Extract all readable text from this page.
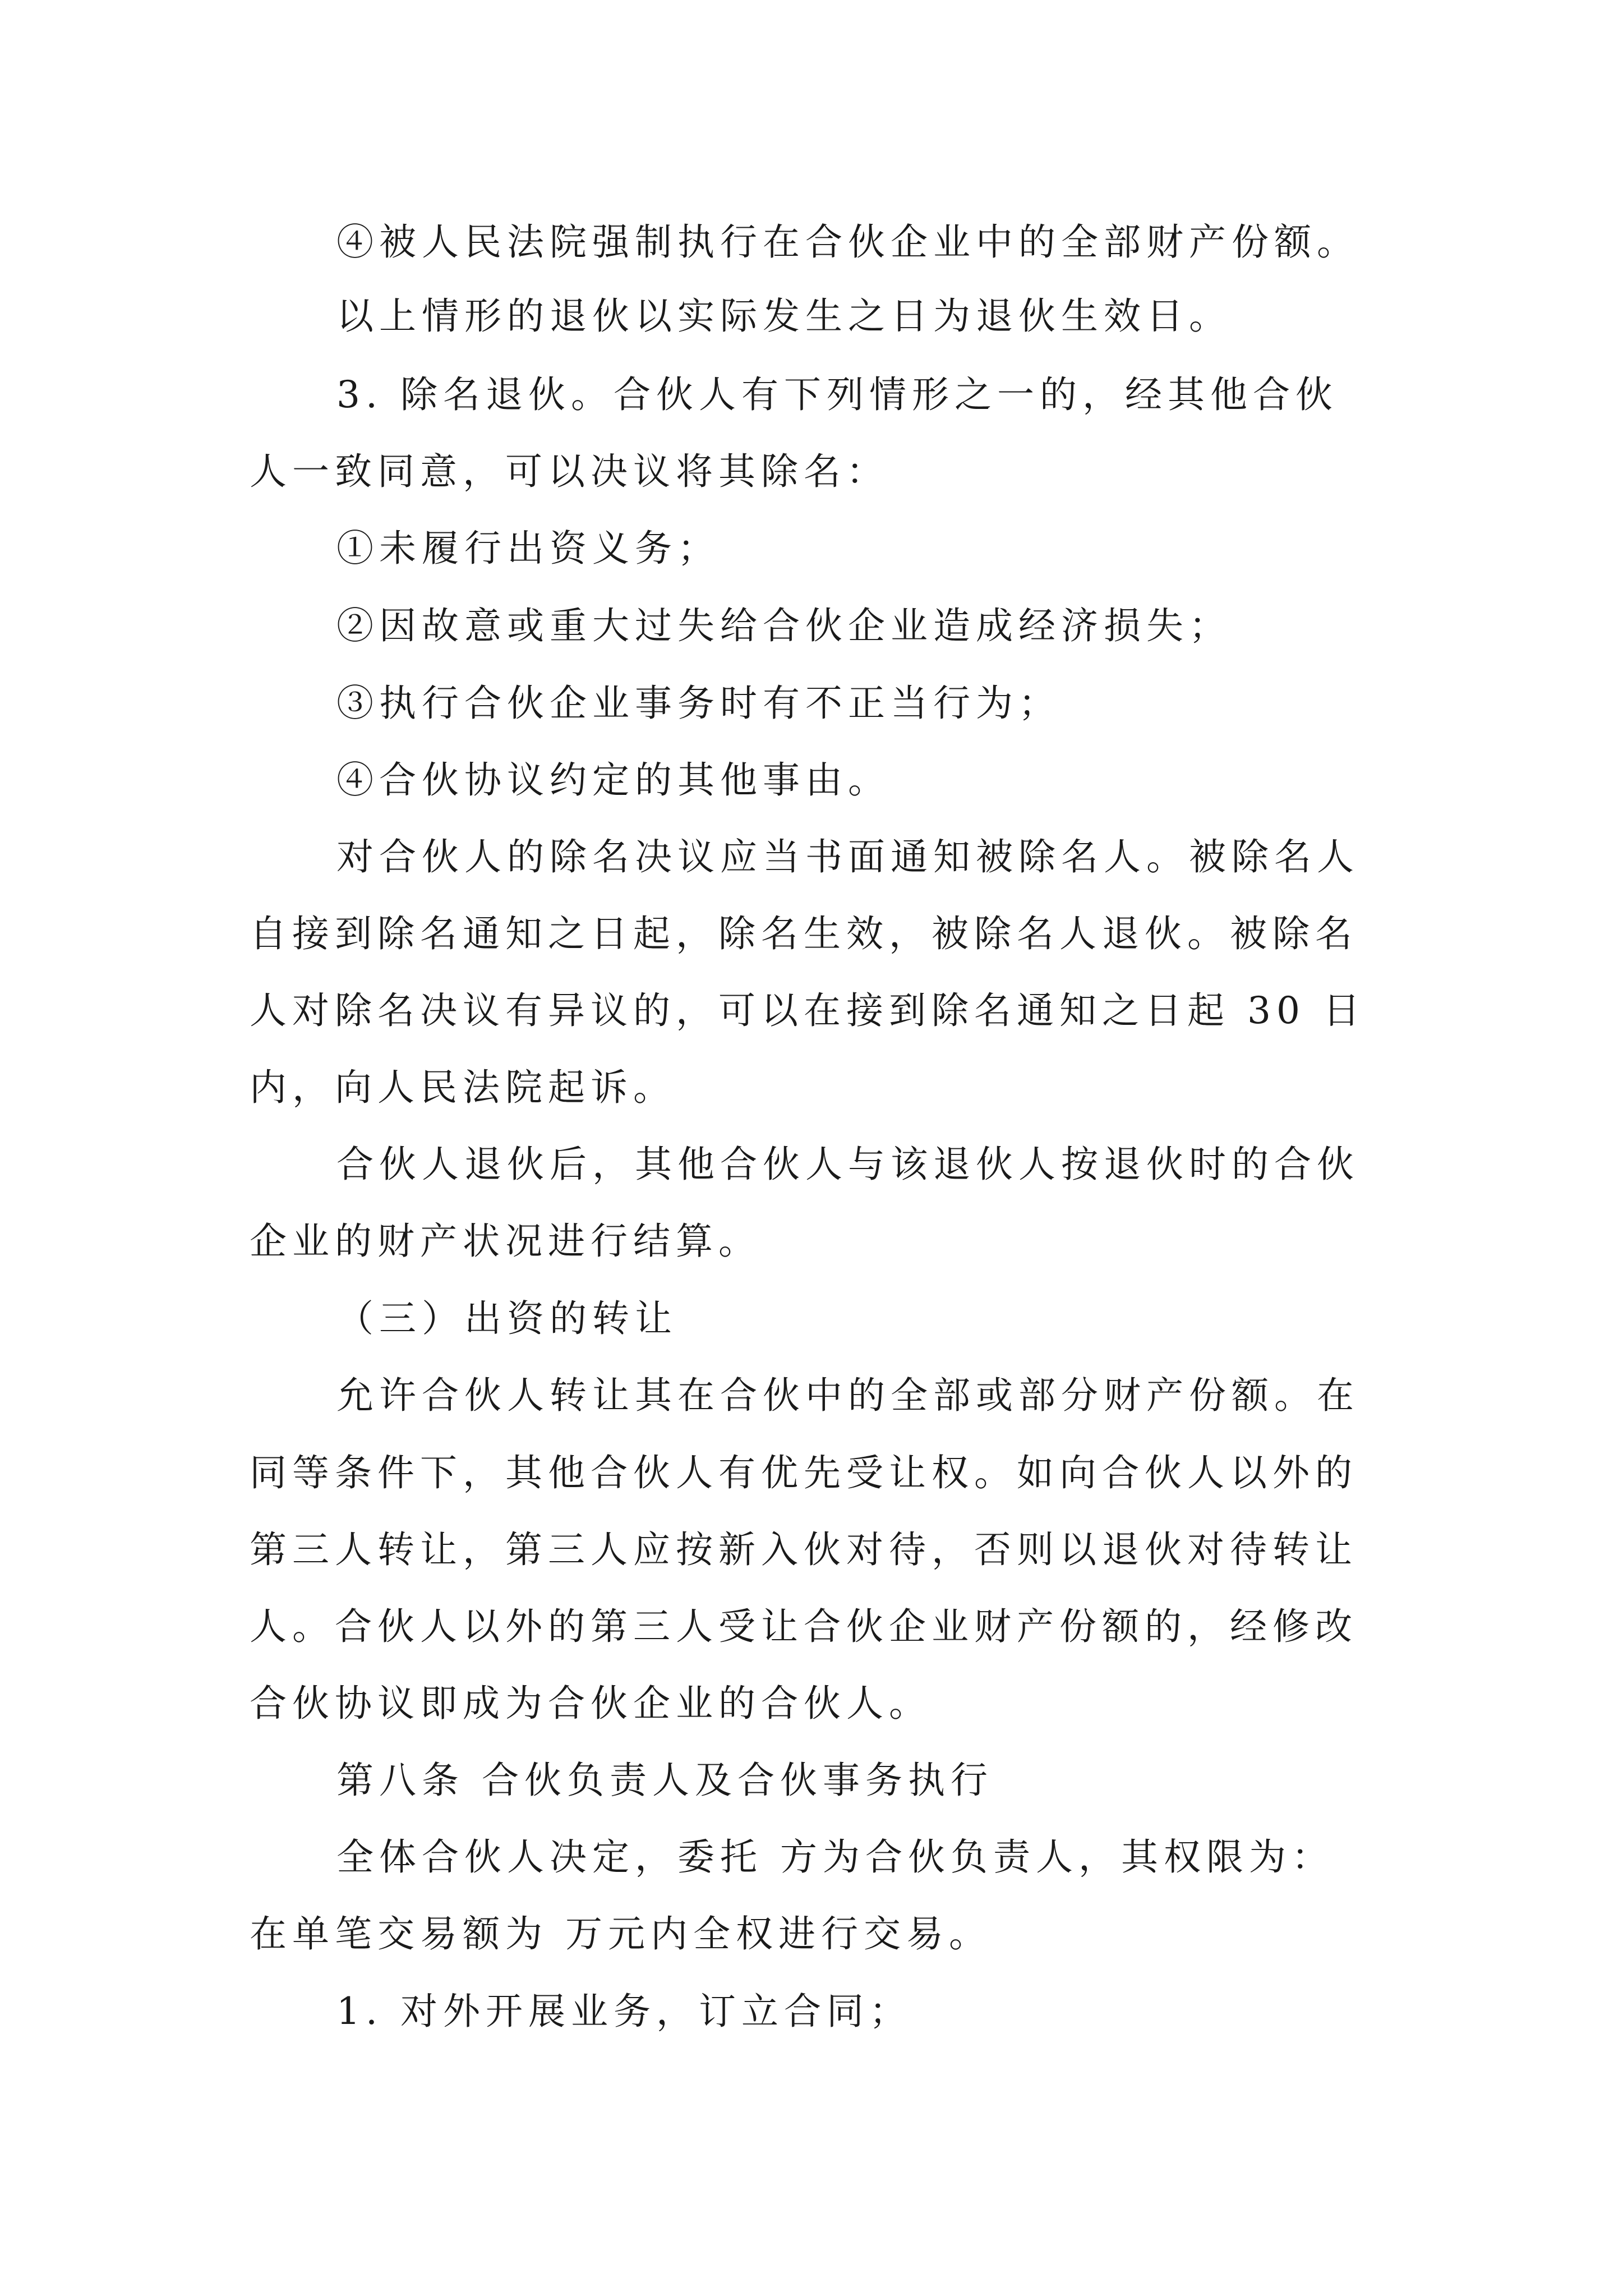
④被人民法院强制执行在合伙企业中的全部财产份额。
以上情形的退伙以实际发生之日为退伙生效日。
3. 除名退伙。合伙人有下列情形之一的，经其他合伙
人一致同意，可以决议将其除名：
①未履行出资义务；
②因故意或重大过失给合伙企业造成经济损失；
③执行合伙企业事务时有不正当行为；
④合伙协议约定的其他事由。
对合伙人的除名决议应当书面通知被除名人。被除名人
自接到除名通知之日起，除名生效，被除名人退伙。被除名
人对除名决议有异议的，可以在接到除名通知之日起 30 日
内，向人民法院起诉。
合伙人退伙后，其他合伙人与该退伙人按退伙时的合伙
企业的财产状况进行结算。
（三）出资的转让
允许合伙人转让其在合伙中的全部或部分财产份额。在
同等条件下，其他合伙人有优先受让权。如向合伙人以外的
第三人转让，第三人应按新入伙对待，否则以退伙对待转让
人。合伙人以外的第三人受让合伙企业财产份额的，经修改
合伙协议即成为合伙企业的合伙人。
第八条 合伙负责人及合伙事务执行
全体合伙人决定，委托 方为合伙负责人，其权限为：
在单笔交易额为 万元内全权进行交易。
1. 对外开展业务，订立合同；
